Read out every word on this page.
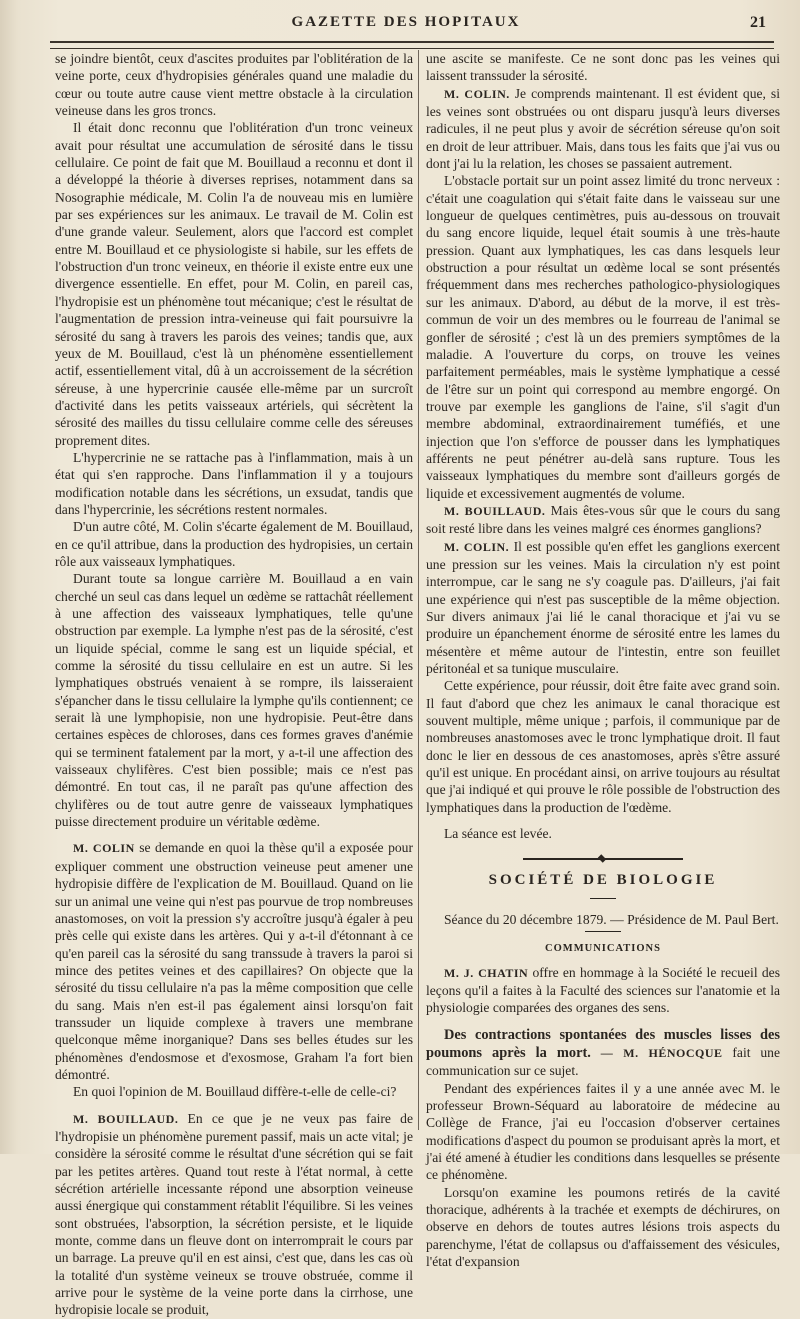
GAZETTE DES HOPITAUX	21

se joindre bientôt, ceux d'ascites produites par l'oblitération de la veine porte, ceux d'hydropisies générales quand une maladie du cœur ou toute autre cause vient mettre obstacle à la circulation veineuse dans les gros troncs.

Il était donc reconnu que l'oblitération d'un tronc veineux avait pour résultat une accumulation de sérosité dans le tissu cellulaire. Ce point de fait que M. Bouillaud a reconnu et dont il a développé la théorie à diverses reprises, notamment dans sa Nosographie médicale, M. Colin l'a de nouveau mis en lumière par ses expériences sur les animaux. Le travail de M. Colin est d'une grande valeur. Seulement, alors que l'accord est complet entre M. Bouillaud et ce physiologiste si habile, sur les effets de l'obstruction d'un tronc veineux, en théorie il existe entre eux une divergence essentielle. En effet, pour M. Colin, en pareil cas, l'hydropisie est un phénomène tout mécanique; c'est le résultat de l'augmentation de pression intra-veineuse qui fait poursuivre la sérosité du sang à travers les parois des veines; tandis que, aux yeux de M. Bouillaud, c'est là un phénomène essentiellement actif, essentiellement vital, dû à un accroissement de la sécrétion séreuse, à une hypercrinie causée elle-même par un surcroît d'activité dans les petits vaisseaux artériels, qui sécrètent la sérosité des mailles du tissu cellulaire comme celle des séreuses proprement dites.

L'hypercrinie ne se rattache pas à l'inflammation, mais à un état qui s'en rapproche. Dans l'inflammation il y a toujours modification notable dans les sécrétions, un exsudat, tandis que dans l'hypercrinie, les sécrétions restent normales.

D'un autre côté, M. Colin s'écarte également de M. Bouillaud, en ce qu'il attribue, dans la production des hydropisies, un certain rôle aux vaisseaux lymphatiques.

Durant toute sa longue carrière M. Bouillaud a en vain cherché un seul cas dans lequel un œdème se rattachât réellement à une affection des vaisseaux lymphatiques, telle qu'une obstruction par exemple. La lymphe n'est pas de la sérosité, c'est un liquide spécial, comme le sang est un liquide spécial, et comme la sérosité du tissu cellulaire en est un autre. Si les lymphatiques obstrués venaient à se rompre, ils laisseraient s'épancher dans le tissu cellulaire la lymphe qu'ils contiennent; ce serait là une lymphopisie, non une hydropisie. Peut-être dans certaines espèces de chloroses, dans ces formes graves d'anémie qui se terminent fatalement par la mort, y a-t-il une affection des vaisseaux chylifères. C'est bien possible; mais ce n'est pas démontré. En tout cas, il ne paraît pas qu'une affection des chylifères ou de tout autre genre de vaisseaux lymphatiques puisse directement produire un véritable œdème.

M. COLIN se demande en quoi la thèse qu'il a exposée pour expliquer comment une obstruction veineuse peut amener une hydropisie diffère de l'explication de M. Bouillaud. Quand on lie sur un animal une veine qui n'est pas pourvue de trop nombreuses anastomoses, on voit la pression s'y accroître jusqu'à égaler à peu près celle qui existe dans les artères. Qui y a-t-il d'étonnant à ce qu'en pareil cas la sérosité du sang transsude à travers la paroi si mince des petites veines et des capillaires? On objecte que la sérosité du tissu cellulaire n'a pas la même composition que celle du sang. Mais n'en est-il pas également ainsi lorsqu'on fait transsuder un liquide complexe à travers une membrane quelconque même inorganique? Dans ses belles études sur les phénomènes d'endosmose et d'exosmose, Graham l'a fort bien démontré.

En quoi l'opinion de M. Bouillaud diffère-t-elle de celle-ci?

M. BOUILLAUD. En ce que je ne veux pas faire de l'hydropisie un phénomène purement passif, mais un acte vital; je considère la sérosité comme le résultat d'une sécrétion qui se fait par les petites artères. Quand tout reste à l'état normal, à cette sécrétion artérielle incessante répond une absorption veineuse aussi énergique qui constamment rétablit l'équilibre. Si les veines sont obstruées, l'absorption, la sécrétion persiste, et le liquide monte, comme dans un fleuve dont on interromprait le cours par un barrage. La preuve qu'il en est ainsi, c'est que, dans les cas où la totalité d'un système veineux se trouve obstruée, comme il arrive pour le système de la veine porte dans la cirrhose, une hydropisie locale se produit,

une ascite se manifeste. Ce ne sont donc pas les veines qui laissent transsuder la sérosité.

M. COLIN. Je comprends maintenant. Il est évident que, si les veines sont obstruées ou ont disparu jusqu'à leurs diverses radicules, il ne peut plus y avoir de sécrétion séreuse qu'on soit en droit de leur attribuer. Mais, dans tous les faits que j'ai vus ou dont j'ai lu la relation, les choses se passaient autrement.

L'obstacle portait sur un point assez limité du tronc nerveux : c'était une coagulation qui s'était faite dans le vaisseau sur une longueur de quelques centimètres, puis au-dessous on trouvait du sang encore liquide, lequel était soumis à une très-haute pression. Quant aux lymphatiques, les cas dans lesquels leur obstruction a pour résultat un œdème local se sont présentés fréquemment dans mes recherches pathologico-physiologiques sur les animaux. D'abord, au début de la morve, il est très-commun de voir un des membres ou le fourreau de l'animal se gonfler de sérosité ; c'est là un des premiers symptômes de la maladie. A l'ouverture du corps, on trouve les veines parfaitement perméables, mais le système lymphatique a cessé de l'être sur un point qui correspond au membre engorgé. On trouve par exemple les ganglions de l'aine, s'il s'agit d'un membre abdominal, extraordinairement tuméfiés, et une injection que l'on s'efforce de pousser dans les lymphatiques afférents ne peut pénétrer au-delà sans rupture. Tous les vaisseaux lymphatiques du membre sont d'ailleurs gorgés de liquide et excessivement augmentés de volume.

M. BOUILLAUD. Mais êtes-vous sûr que le cours du sang soit resté libre dans les veines malgré ces énormes ganglions?

M. COLIN. Il est possible qu'en effet les ganglions exercent une pression sur les veines. Mais la circulation n'y est point interrompue, car le sang ne s'y coagule pas. D'ailleurs, j'ai fait une expérience qui n'est pas susceptible de la même objection. Sur divers animaux j'ai lié le canal thoracique et j'ai vu se produire un épanchement énorme de sérosité entre les lames du mésentère et même autour de l'intestin, entre son feuillet péritonéal et sa tunique musculaire.

Cette expérience, pour réussir, doit être faite avec grand soin. Il faut d'abord que chez les animaux le canal thoracique est souvent multiple, même unique ; parfois, il communique par de nombreuses anastomoses avec le tronc lymphatique droit. Il faut donc le lier en dessous de ces anastomoses, après s'être assuré qu'il est unique. En procédant ainsi, on arrive toujours au résultat que j'ai indiqué et qui prouve le rôle possible de l'obstruction des lymphatiques dans la production de l'œdème.

La séance est levée.

SOCIÉTÉ DE BIOLOGIE

Séance du 20 décembre 1879. — Présidence de M. Paul Bert.

COMMUNICATIONS

M. J. CHATIN offre en hommage à la Société le recueil des leçons qu'il a faites à la Faculté des sciences sur l'anatomie et la physiologie comparées des organes des sens.

Des contractions spontanées des muscles lisses des poumons après la mort. — M. HÉNOCQUE fait une communication sur ce sujet.

Pendant des expériences faites il y a une année avec M. le professeur Brown-Séquard au laboratoire de médecine au Collège de France, j'ai eu l'occasion d'observer certaines modifications d'aspect du poumon se produisant après la mort, et j'ai été amené à étudier les conditions dans lesquelles se présente ce phénomène.

Lorsqu'on examine les poumons retirés de la cavité thoracique, adhérents à la trachée et exempts de déchirures, on observe en dehors de toutes autres lésions trois aspects du parenchyme, l'état de collapsus ou d'affaissement des vésicules, l'état d'expansion
